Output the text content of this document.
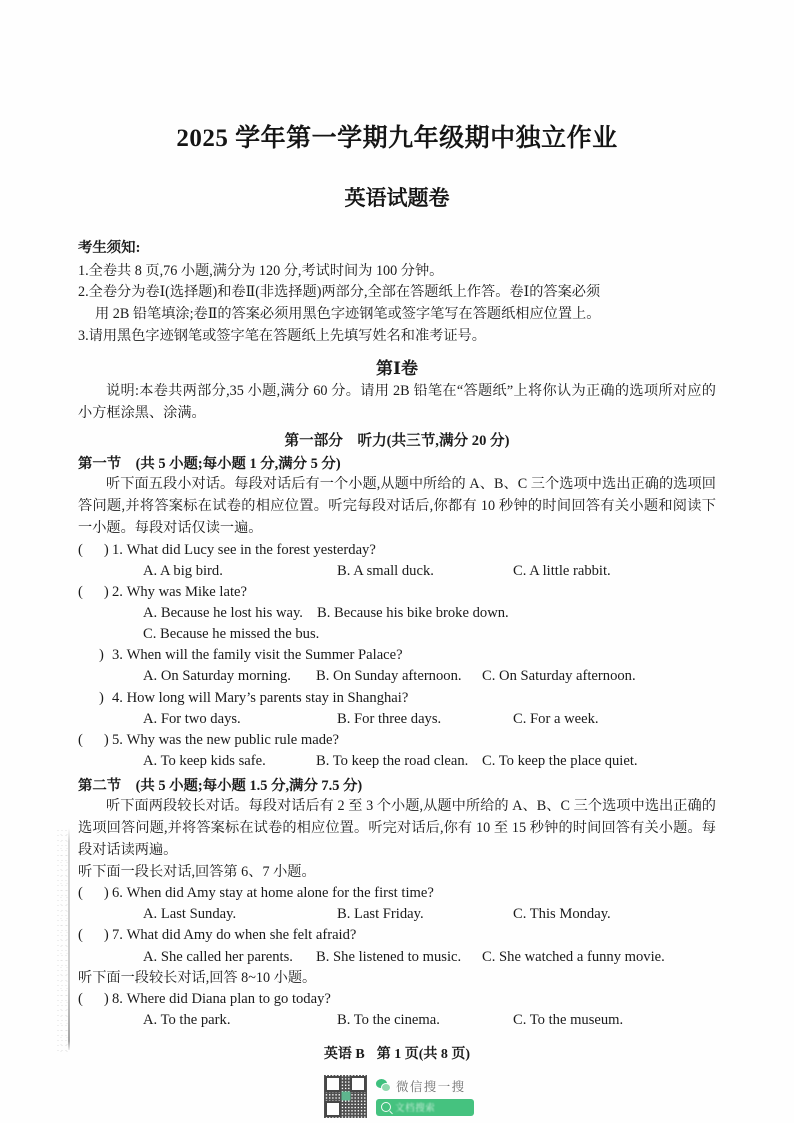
2025 学年第一学期九年级期中独立作业
英语试题卷
考生须知:

1.全卷共 8 页,76 小题,满分为 120 分,考试时间为 100 分钟。

2.全卷分为卷Ⅰ(选择题)和卷Ⅱ(非选择题)两部分,全部在答题纸上作答。卷Ⅰ的答案必须

用 2B 铅笔填涂;卷Ⅱ的答案必须用黑色字迹钢笔或签字笔写在答题纸相应位置上。

3.请用黑色字迹钢笔或签字笔在答题纸上先填写姓名和准考证号。

第Ⅰ卷

说明:本卷共两部分,35 小题,满分 60 分。请用 2B 铅笔在“答题纸”上将你认为正确的选项所对应的小方框涂黑、涂满。

第一部分　听力(共三节,满分 20 分)
第一节　(共 5 小题;每小题 1 分,满分 5 分)

听下面五段小对话。每段对话后有一个小题,从题中所给的 A、B、C 三个选项中选出正确的选项回答问题,并将答案标在试卷的相应位置。听完每段对话后,你都有 10 秒钟的时间回答有关小题和阅读下一小题。每段对话仅读一遍。

( ) 1. What did Lucy see in the forest yesterday?
A. A big bird.	B. A small duck.	C. A little rabbit.
( ) 2. Why was Mike late?
A. Because he lost his way. B. Because his bike broke down.
C. Because he missed the bus.
) 3. When will the family visit the Summer Palace?
A. On Saturday morning. B. On Sunday afternoon. C. On Saturday afternoon.
) 4. How long will Mary’s parents stay in Shanghai?
A. For two days.	B. For three days.	C. For a week.
( ) 5. Why was the new public rule made?
A. To keep kids safe.	B. To keep the road clean. C. To keep the place quiet.
第二节　(共 5 小题;每小题 1.5 分,满分 7.5 分)

听下面两段较长对话。每段对话后有 2 至 3 个小题,从题中所给的 A、B、C 三个选项中选出正确的选项回答问题,并将答案标在试卷的相应位置。听完对话后,你有 10 至 15 秒钟的时间回答有关小题。每段对话读两遍。

听下面一段长对话,回答第 6、7 小题。

( ) 6. When did Amy stay at home alone for the first time?
A. Last Sunday.	B. Last Friday.	C. This Monday.
( ) 7. What did Amy do when she felt afraid?
A. She called her parents. B. She listened to music. C. She watched a funny movie.

听下面一段较长对话,回答 8~10 小题。

( ) 8. Where did Diana plan to go today?
A. To the park.	B. To the cinema.	C. To the museum.
英语 B 第 1 页(共 8 页)
微信搜一搜
文档搜索
